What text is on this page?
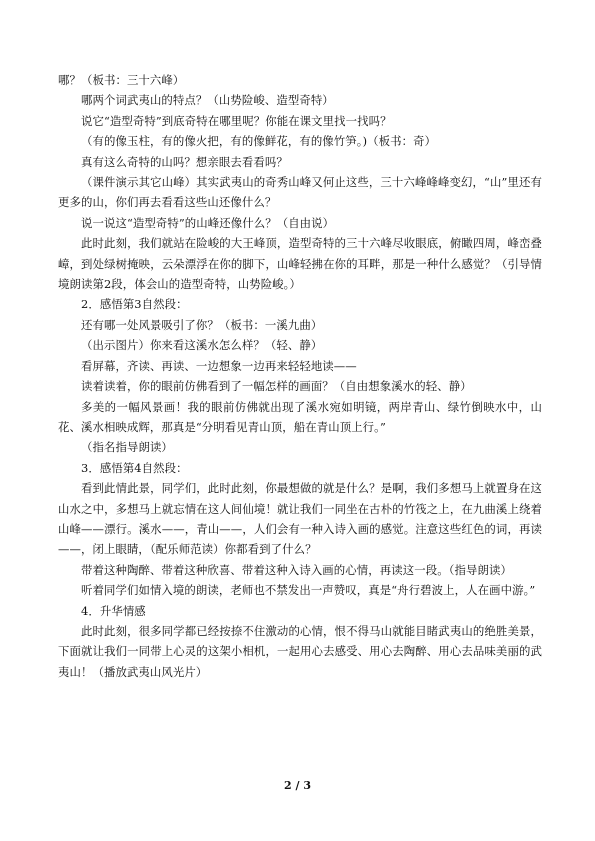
哪？（板书：三十六峰）

哪两个词武夷山的特点？（山势险峻、造型奇特）

说它“造型奇特”到底奇特在哪里呢？你能在课文里找一找吗？

（有的像玉柱，有的像火把，有的像鲜花，有的像竹笋。)（板书：奇）

真有这么奇特的山吗？想亲眼去看看吗？

（课件演示其它山峰）其实武夷山的奇秀山峰又何止这些，三十六峰峰峰变幻，“山”里还有更多的山，你们再去看看这些山还像什么？

说一说这“造型奇特”的山峰还像什么？（自由说）

此时此刻，我们就站在险峻的大王峰顶，造型奇特的三十六峰尽收眼底，俯瞰四周，峰峦叠嶂，到处绿树掩映，云朵漂浮在你的脚下，山峰轻拂在你的耳畔，那是一种什么感觉？（引导情境朗读第2段，体会山的造型奇特，山势险峻。）

2．感悟第3自然段：

还有哪一处风景吸引了你？（板书：一溪九曲）

（出示图片）你来看这溪水怎么样？（轻、静）

看屏幕，齐读、再读、一边想象一边再来轻轻地读——

读着读着，你的眼前仿佛看到了一幅怎样的画面？（自由想象溪水的轻、静）

多美的一幅风景画！我的眼前仿佛就出现了溪水宛如明镜，两岸青山、绿竹倒映水中，山花、溪水相映成辉，那真是“分明看见青山顶，船在青山顶上行。”

（指名指导朗读）

3．感悟第4自然段：

看到此情此景，同学们，此时此刻，你最想做的就是什么？是啊，我们多想马上就置身在这山水之中，多想马上就忘情在这人间仙境！就让我们一同坐在古朴的竹筏之上，在九曲溪上绕着山峰——漂行。溪水——，青山——，人们会有一种入诗入画的感觉。注意这些红色的词，再读——，闭上眼睛，（配乐师范读）你都看到了什么？

带着这种陶醉、带着这种欣喜、带着这种入诗入画的心情，再读这一段。（指导朗读）

听着同学们如情入境的朗读，老师也不禁发出一声赞叹，真是“舟行碧波上，人在画中游。”

4．升华情感

此时此刻，很多同学都已经按捺不住激动的心情，恨不得马山就能目睹武夷山的绝胜美景，下面就让我们一同带上心灵的这架小相机，一起用心去感受、用心去陶醉、用心去品味美丽的武夷山！（播放武夷山风光片）

2 / 3
